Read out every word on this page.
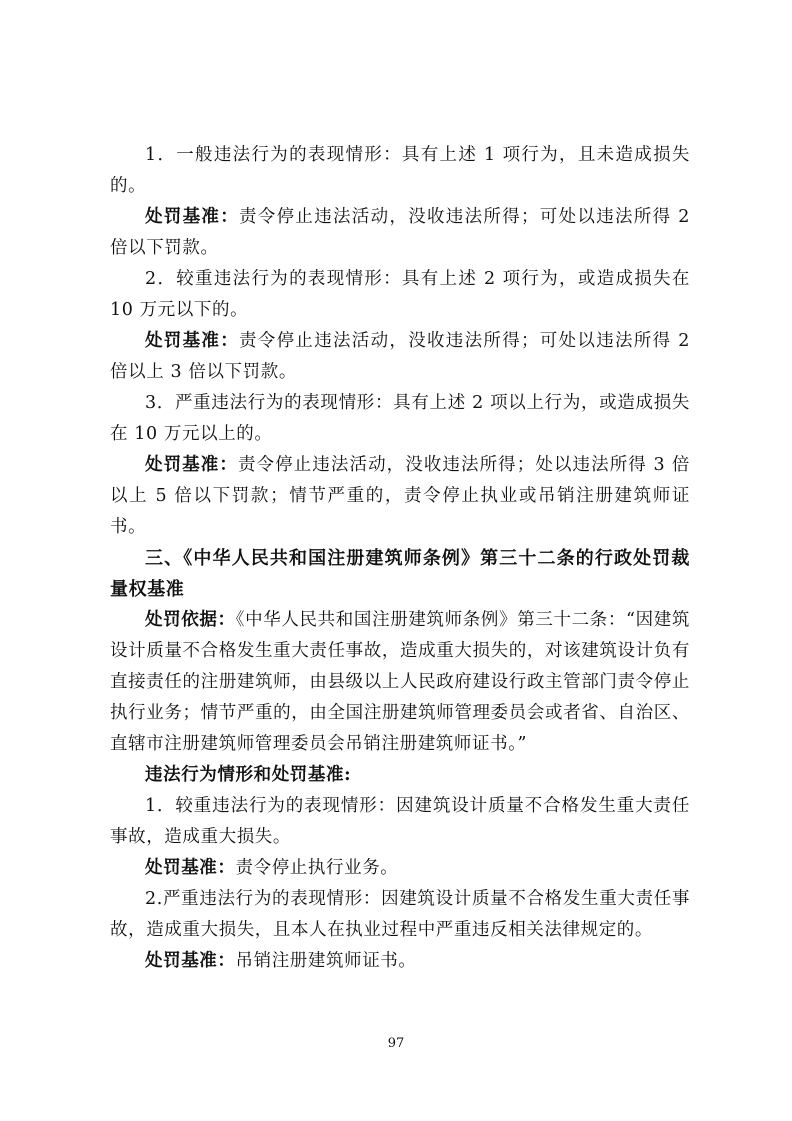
1．一般违法行为的表现情形：具有上述 1 项行为，且未造成损失的。

处罚基准：责令停止违法活动，没收违法所得；可处以违法所得 2 倍以下罚款。

2．较重违法行为的表现情形：具有上述 2 项行为，或造成损失在 10 万元以下的。

处罚基准：责令停止违法活动，没收违法所得；可处以违法所得 2 倍以上 3 倍以下罚款。

3．严重违法行为的表现情形：具有上述 2 项以上行为，或造成损失在 10 万元以上的。

处罚基准：责令停止违法活动，没收违法所得；处以违法所得 3 倍以上 5 倍以下罚款；情节严重的，责令停止执业或吊销注册建筑师证书。

三、《中华人民共和国注册建筑师条例》第三十二条的行政处罚裁量权基准

处罚依据：《中华人民共和国注册建筑师条例》第三十二条：“因建筑设计质量不合格发生重大责任事故，造成重大损失的，对该建筑设计负有直接责任的注册建筑师，由县级以上人民政府建设行政主管部门责令停止执行业务；情节严重的，由全国注册建筑师管理委员会或者省、自治区、直辖市注册建筑师管理委员会吊销注册建筑师证书。”

违法行为情形和处罚基准:

1．较重违法行为的表现情形：因建筑设计质量不合格发生重大责任事故，造成重大损失。

处罚基准：责令停止执行业务。

2.严重违法行为的表现情形：因建筑设计质量不合格发生重大责任事故，造成重大损失，且本人在执业过程中严重违反相关法律规定的。

处罚基准：吊销注册建筑师证书。

97
